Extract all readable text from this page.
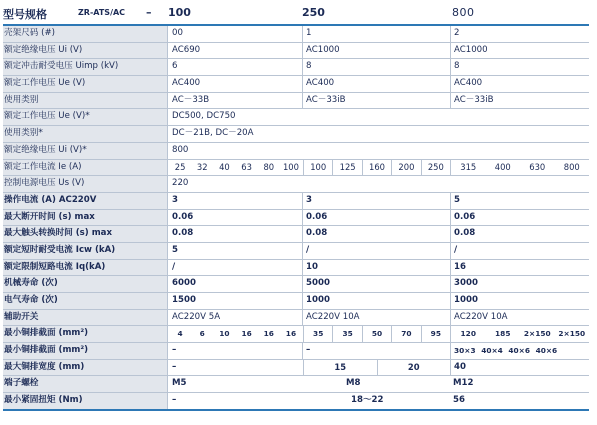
型号规格	ZR-ATS/AC – 100	250	800
壳架尺码 (#)	00	1	2
额定绝缘电压 Ui (V)	AC690	AC1000	AC1000
额定冲击耐受电压 Uimp (kV)	6	8	8
额定工作电压 Ue (V)	AC400	AC400	AC400
使用类别	AC－33B	AC－33iB	AC－33iB
额定工作电压 Ue (V)*	DC500, DC750
使用类别*	DC－21B, DC－20A
额定绝缘电压 Ui (V)*	800
额定工作电流 Ie (A)	25	32	40	63	80	100	100	125	160	200	250	315	400	630	800
控制电源电压 Us (V)	220
操作电流 (A) AC220V	3	3	5
最大断开时间 (s) max	0.06	0.06	0.06
最大触头转换时间 (s) max	0.08	0.08	0.08
额定短时耐受电流 Icw (kA)	5	/	/
额定限制短路电流 Iq(kA)	/	10	16
机械寿命 (次)	6000	5000	3000
电气寿命 (次)	1500	1000	1000
辅助开关	AC220V 5A	AC220V 10A	AC220V 10A
最小铜排截面 (mm²)	4	6	10	16	16	16	35	35	50	70	95	120	185	2×150	2×150
最小铜排截面 (mm²)	–	–	30×3 40×4 40×6 40×6
最大铜排宽度 (mm)	–	15	20	40
端子螺栓	M5	M8	M12
最小紧固扭矩 (Nm)	–	18～22	56
